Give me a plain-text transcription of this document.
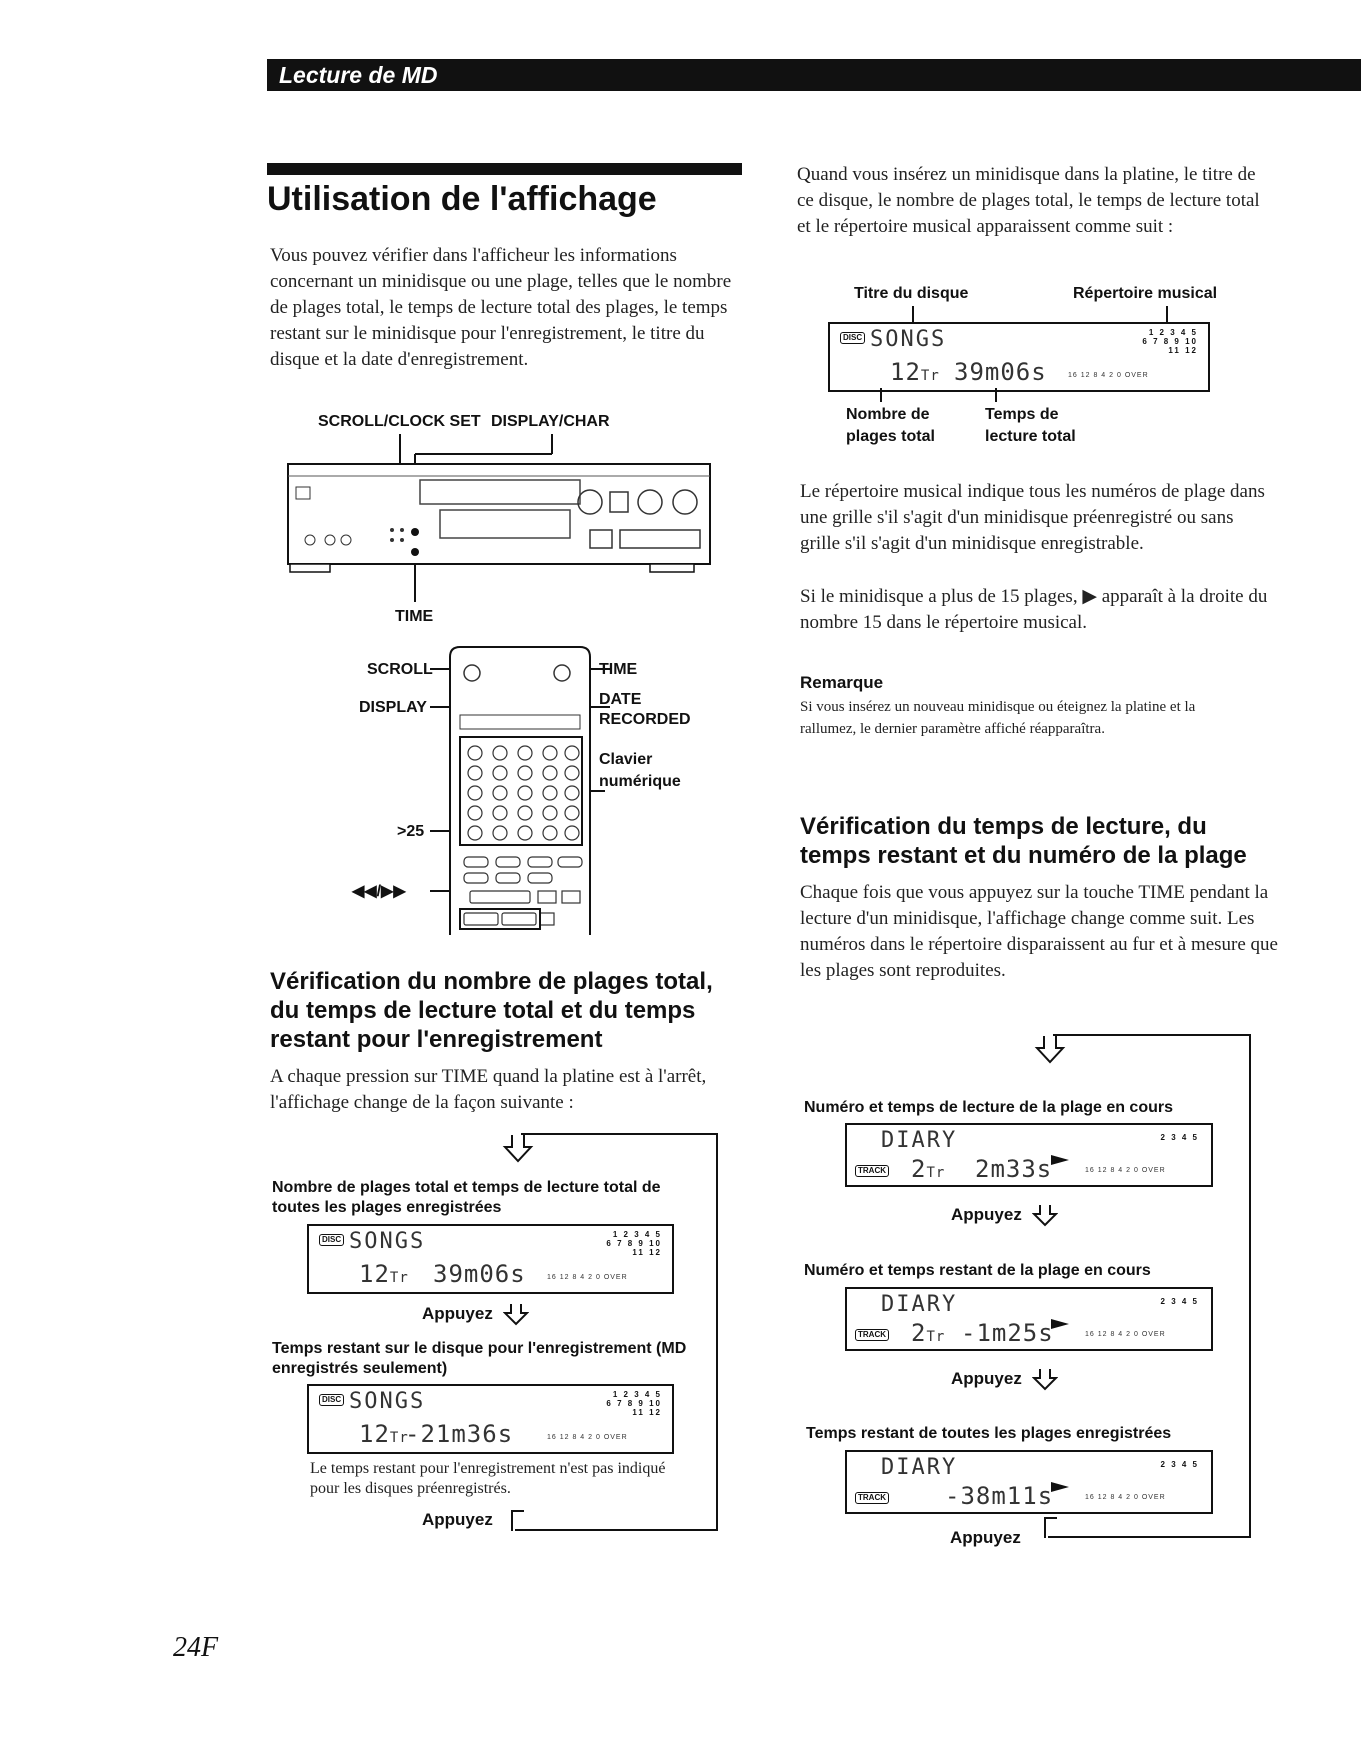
Lecture de MD
Utilisation de l'affichage
Vous pouvez vérifier dans l'afficheur les informations concernant un minidisque ou une plage, telles que le nombre de plages total, le temps de lecture total des plages, le temps restant sur le minidisque pour l'enregistrement, le titre du disque et la date d'enregistrement.
SCROLL/CLOCK SET DISPLAY/CHAR
TIME
SCROLL
DISPLAY
TIME
DATE
RECORDED
Clavier
numérique
>25
◀◀/▶▶
Vérification du nombre de plages total, du temps de lecture total et du temps restant pour l'enregistrement
A chaque pression sur TIME quand la platine est à l'arrêt, l'affichage change de la façon suivante :
Nombre de plages total et temps de lecture total de toutes les plages enregistrées
DISC SONGS	1 2 3 4 5
6 7 8 9 10
11 12
12Tr 39m06s	16 12 8 4 2 0 OVER
Appuyez
Temps restant sur le disque pour l'enregistrement (MD enregistrés seulement)
DISC SONGS	1 2 3 4 5
6 7 8 9 10
11 12
12Tr
-21m36s	16 12 8 4 2 0 OVER
Le temps restant pour l'enregistrement n'est pas indiqué pour les disques préenregistrés.
Appuyez
Quand vous insérez un minidisque dans la platine, le titre de ce disque, le nombre de plages total, le temps de lecture total et le répertoire musical apparaissent comme suit :
Titre du disque	Répertoire musical
DISC SONGS	1 2 3 4 5
6 7 8 9 10
11 12
12Tr 39m06s	16 12 8 4 2 0 OVER
Nombre de
plages total
Temps de
lecture total
Le répertoire musical indique tous les numéros de plage dans une grille s'il s'agit d'un minidisque préenregistré ou sans grille s'il s'agit d'un minidisque enregistrable.
Si le minidisque a plus de 15 plages, ▶ apparaît à la droite du nombre 15 dans le répertoire musical.
Remarque
Si vous insérez un nouveau minidisque ou éteignez la platine et la rallumez, le dernier paramètre affiché réapparaîtra.
Vérification du temps de lecture, du temps restant et du numéro de la plage
Chaque fois que vous appuyez sur la touche TIME pendant la lecture d'un minidisque, l'affichage change comme suit. Les numéros dans le répertoire disparaissent au fur et à mesure que les plages sont reproduites.
Numéro et temps de lecture de la plage en cours
DIARY	2 3 4 5
TRACK 2Tr 2m33s	16 12 8 4 2 0 OVER
Appuyez
Numéro et temps restant de la plage en cours
DIARY	2 3 4 5
TRACK 2Tr -1m25s	16 12 8 4 2 0 OVER
Appuyez
Temps restant de toutes les plages enregistrées
DIARY	2 3 4 5
TRACK -38m11s	16 12 8 4 2 0 OVER
Appuyez
24F
